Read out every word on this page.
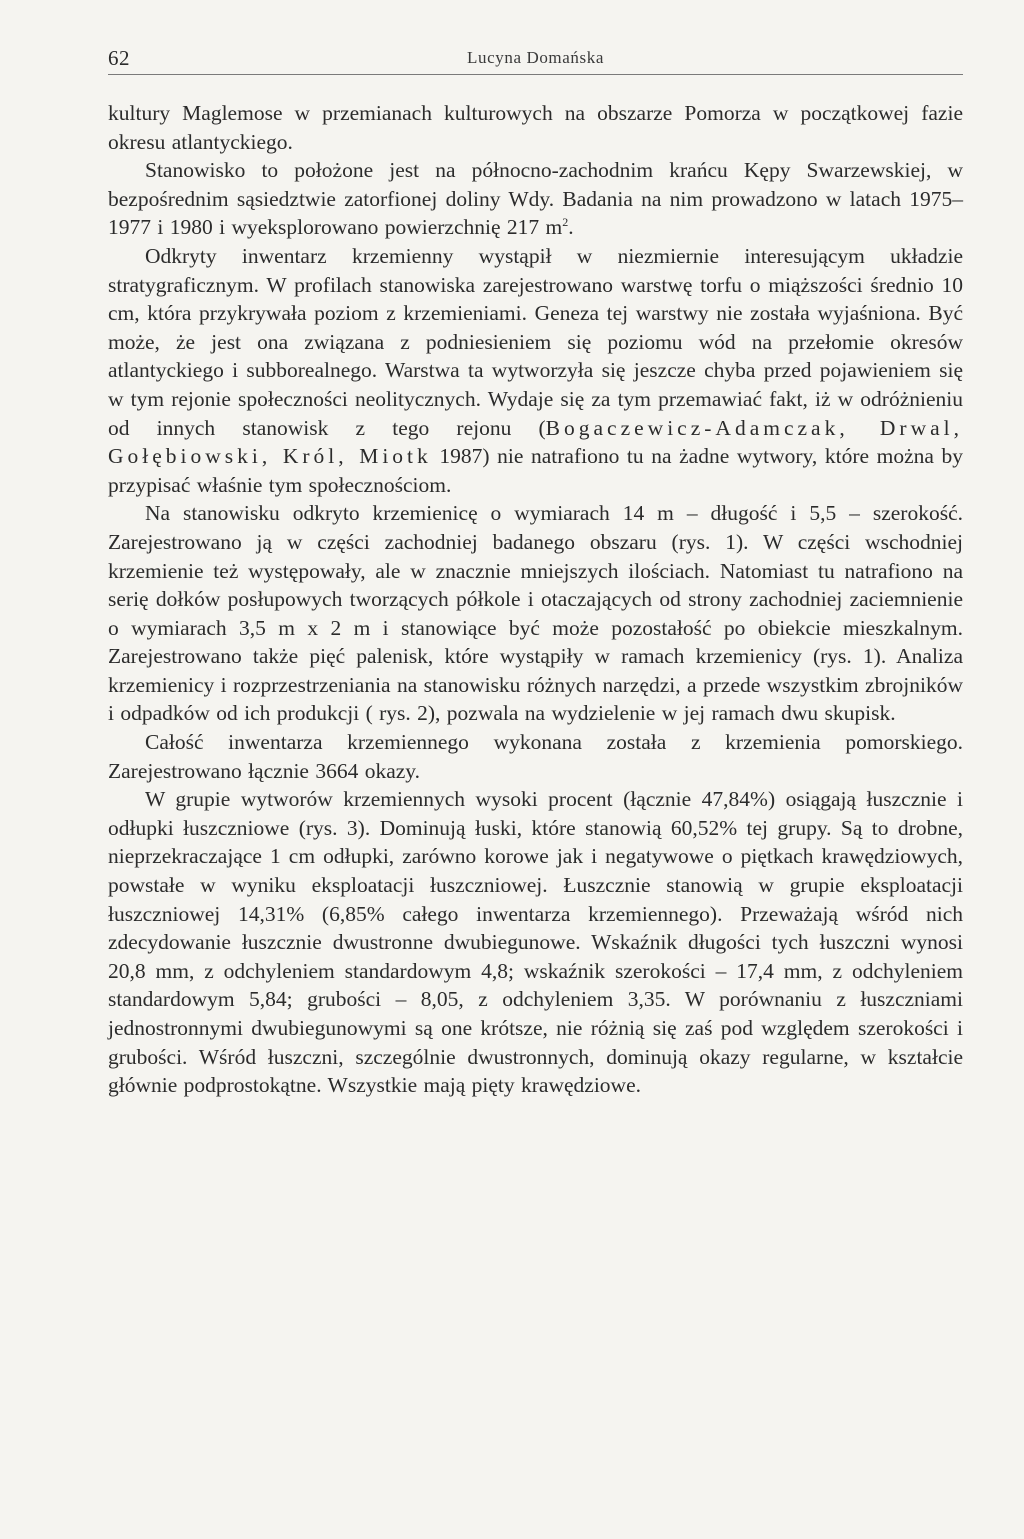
62	Lucyna Domańska

kultury Maglemose w przemianach kulturowych na obszarze Pomorza w początkowej fazie okresu atlantyckiego.

Stanowisko to położone jest na północno-zachodnim krańcu Kępy Swarzewskiej, w bezpośrednim sąsiedztwie zatorfionej doliny Wdy. Badania na nim prowadzono w latach 1975–1977 i 1980 i wyeksplorowano powierzchnię 217 $m^2$.

Odkryty inwentarz krzemienny wystąpił w niezmiernie interesującym układzie stratygraficznym. W profilach stanowiska zarejestrowano warstwę torfu o miąższości średnio 10 cm, która przykrywała poziom z krzemieniami. Geneza tej warstwy nie została wyjaśniona. Być może, że jest ona związana z podniesieniem się poziomu wód na przełomie okresów atlantyckiego i subborealnego. Warstwa ta wytworzyła się jeszcze chyba przed pojawieniem się w tym rejonie społeczności neolitycznych. Wydaje się za tym przemawiać fakt, iż w odróżnieniu od innych stanowisk z tego rejonu (Bogaczewicz-Adamczak, Drwal, Gołębiowski, Król, Miotk 1987) nie natrafiono tu na żadne wytwory, które można by przypisać właśnie tym społecznościom.

Na stanowisku odkryto krzemienicę o wymiarach 14 m – długość i 5,5 – szerokość. Zarejestrowano ją w części zachodniej badanego obszaru (rys. 1). W części wschodniej krzemienie też występowały, ale w znacznie mniejszych ilościach. Natomiast tu natrafiono na serię dołków posłupowych tworzących półkole i otaczających od strony zachodniej zaciemnienie o wymiarach 3,5 m x 2 m i stanowiące być może pozostałość po obiekcie mieszkalnym. Zarejestrowano także pięć palenisk, które wystąpiły w ramach krzemienicy (rys. 1). Analiza krzemienicy i rozprzestrzeniania na stanowisku różnych narzędzi, a przede wszystkim zbrojników i odpadków od ich produkcji ( rys. 2), pozwala na wydzielenie w jej ramach dwu skupisk.

Całość inwentarza krzemiennego wykonana została z krzemienia pomorskiego. Zarejestrowano łącznie 3664 okazy.

W grupie wytworów krzemiennych wysoki procent (łącznie 47,84%) osiągają łuszcznie i odłupki łuszczniowe (rys. 3). Dominują łuski, które stanowią 60,52% tej grupy. Są to drobne, nieprzekraczające 1 cm odłupki, zarówno korowe jak i negatywowe o piętkach krawędziowych, powstałe w wyniku eksploatacji łuszczniowej. Łuszcznie stanowią w grupie eksploatacji łuszczniowej 14,31% (6,85% całego inwentarza krzemiennego). Przeważają wśród nich zdecydowanie łuszcznie dwustronne dwubiegunowe. Wskaźnik długości tych łuszczni wynosi 20,8 mm, z odchyleniem standardowym 4,8; wskaźnik szerokości – 17,4 mm, z odchyleniem standardowym 5,84; grubości – 8,05, z odchyleniem 3,35. W porównaniu z łuszczniami jednostronnymi dwubiegunowymi są one krótsze, nie różnią się zaś pod względem szerokości i grubości. Wśród łuszczni, szczególnie dwustronnych, dominują okazy regularne, w kształcie głównie podprostokątne. Wszystkie mają pięty krawędziowe.
